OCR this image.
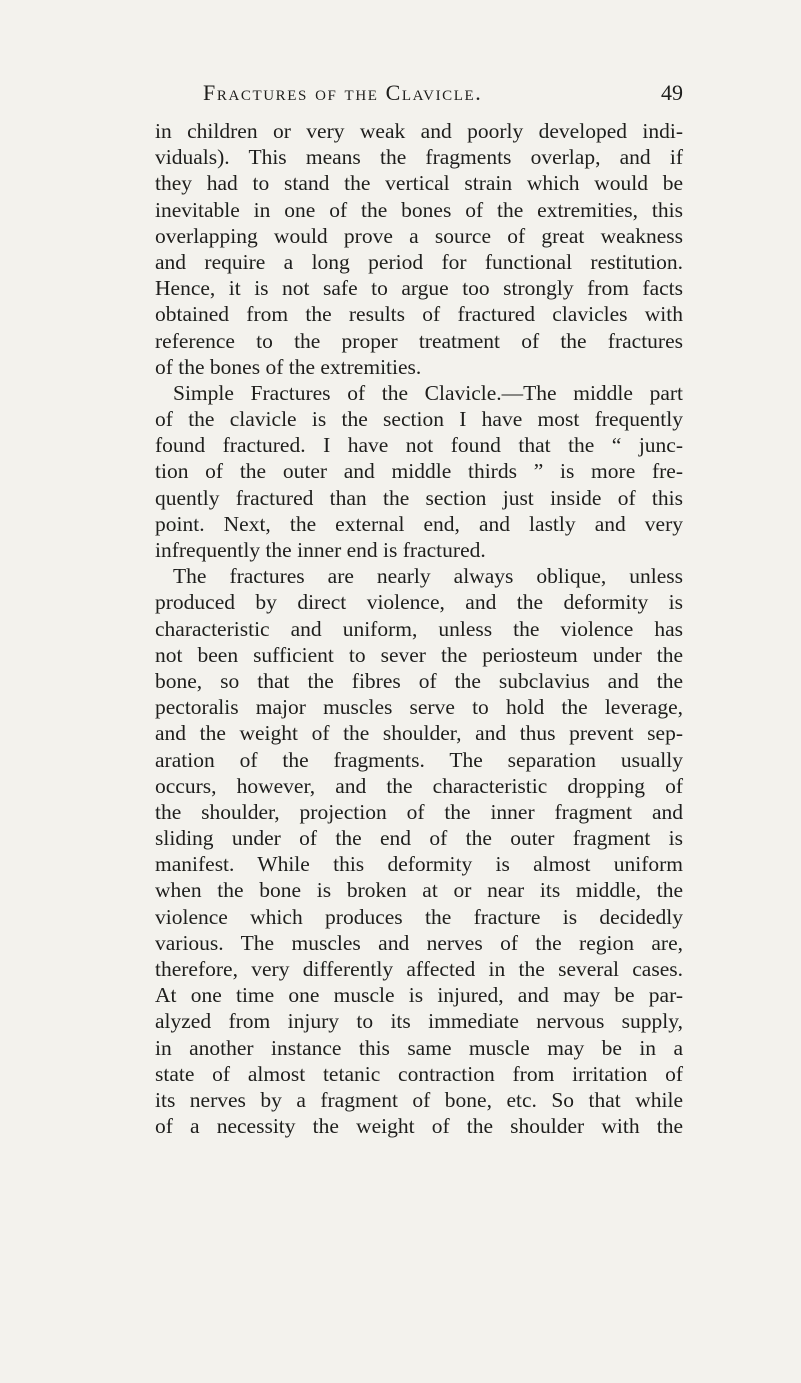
Fractures of the Clavicle.	49
in children or very weak and poorly developed indi-
viduals). This means the fragments overlap, and if
they had to stand the vertical strain which would be
inevitable in one of the bones of the extremities, this
overlapping would prove a source of great weakness
and require a long period for functional restitution.
Hence, it is not safe to argue too strongly from facts
obtained from the results of fractured clavicles with
reference to the proper treatment of the fractures
of the bones of the extremities.
Simple Fractures of the Clavicle.—The middle part
of the clavicle is the section I have most frequently
found fractured. I have not found that the “ junc-
tion of the outer and middle thirds ” is more fre-
quently fractured than the section just inside of this
point. Next, the external end, and lastly and very
infrequently the inner end is fractured.
The fractures are nearly always oblique, unless
produced by direct violence, and the deformity is
characteristic and uniform, unless the violence has
not been sufficient to sever the periosteum under the
bone, so that the fibres of the subclavius and the
pectoralis major muscles serve to hold the leverage,
and the weight of the shoulder, and thus prevent sep-
aration of the fragments. The separation usually
occurs, however, and the characteristic dropping of
the shoulder, projection of the inner fragment and
sliding under of the end of the outer fragment is
manifest. While this deformity is almost uniform
when the bone is broken at or near its middle, the
violence which produces the fracture is decidedly
various. The muscles and nerves of the region are,
therefore, very differently affected in the several cases.
At one time one muscle is injured, and may be par-
alyzed from injury to its immediate nervous supply,
in another instance this same muscle may be in a
state of almost tetanic contraction from irritation of
its nerves by a fragment of bone, etc. So that while
of a necessity the weight of the shoulder with the
